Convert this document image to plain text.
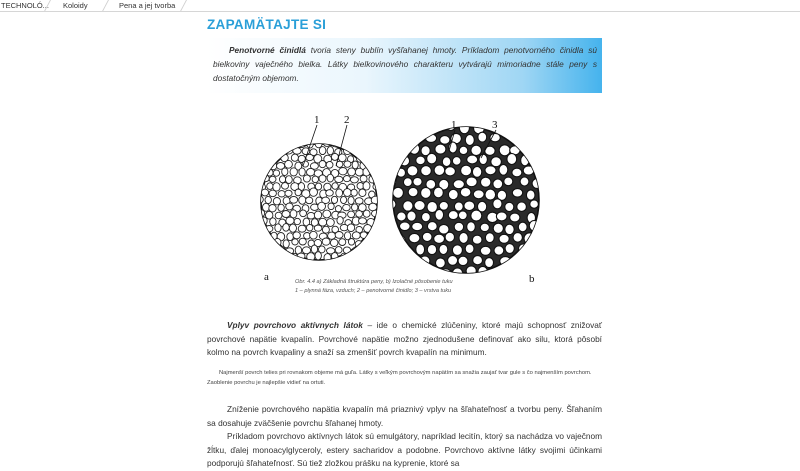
TECHNOLÓ... Koloidy	Pena a jej tvorba
ZAPAMÄTAJTE SI
Penotvorné činidlá tvoria steny bublín vyšľahanej hmoty. Príkladom penotvorného činidla sú bielkoviny vaječného bielka. Látky bielkovinového charakteru vytvárajú mimoriadne stále peny s dostatočným objemom.
1 2	1	3
a	b
Obr. 4.4 a) Základná štruktúra peny, b) Izolačné pôsobenie tuku
1 – plynná fáza, vzduch; 2 – penotvorné činidlo; 3 – vrstva tuku
Vplyv povrchovo aktívnych látok – ide o chemické zlúčeniny, ktoré majú schopnosť znižovať povrchové napätie kvapalín. Povrchové napätie možno zjednodušene definovať ako silu, ktorá pôsobí kolmo na povrch kvapaliny a snaží sa zmenšiť povrch kvapalín na minimum.
Najmenší povrch telies pri rovnakom objeme má guľa. Látky s veľkým povrchovým napätím sa snažia zaujať tvar gule s čo najmenším povrchom. Zaoblenie povrchu je najlepšie vidieť na ortuti.
Zníženie povrchového napätia kvapalín má priaznivý vplyv na šľahateľnosť a tvorbu peny. Šľahaním sa dosahuje zväčšenie povrchu šľahanej hmoty.
Príkladom povrchovo aktívnych látok sú emulgátory, napríklad lecitín, ktorý sa nachádza vo vaječnom žĺtku, ďalej monoacylglyceroly, estery sacharidov a podobne. Povrchovo aktívne látky svojimi účinkami podporujú šľahateľnosť. Sú tiež zložkou prášku na kyprenie, ktoré sa
